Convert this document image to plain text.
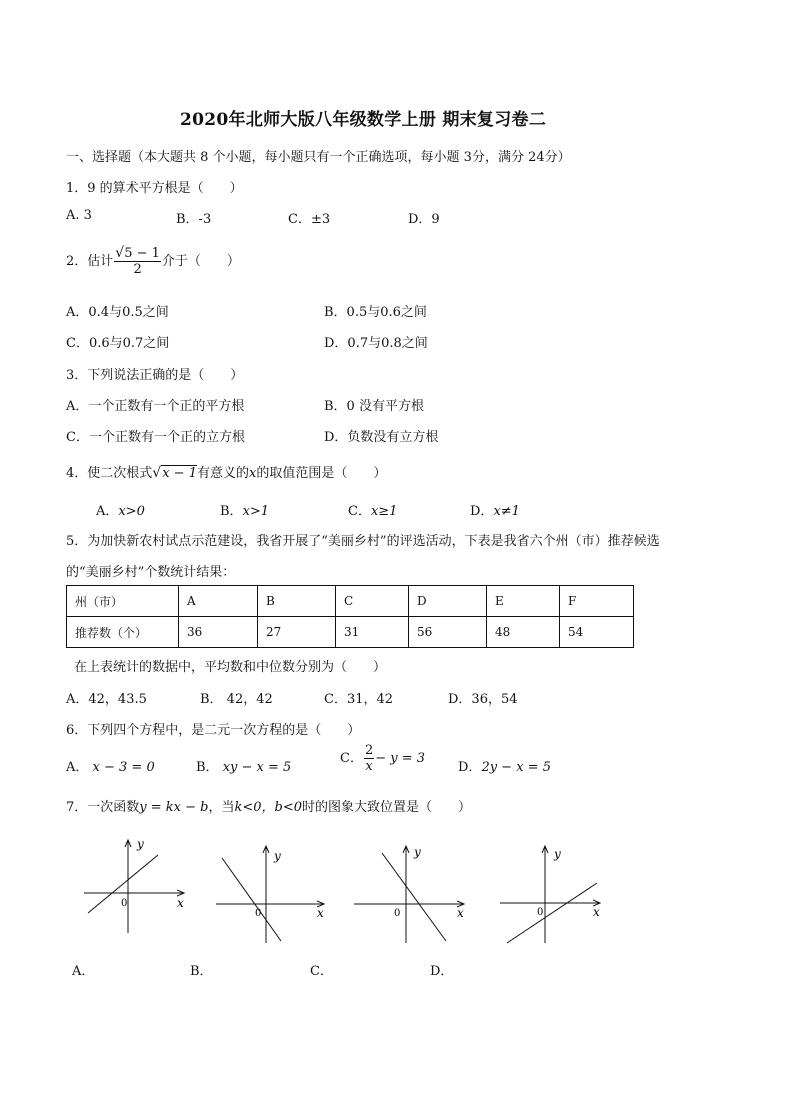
2020年北师大版八年级数学上册 期末复习卷二
一、选择题（本大题共 8 个小题，每小题只有一个正确选项，每小题 3分，满分 24分）
1．9 的算术平方根是（　　）
A. 3	B．-3	C．±3	D．9
2．估计 $\frac{√5 - 1}{2}$ 介于（　　）
A．0.4与0.5之间	B．0.5与0.6之间
C．0.6与0.7之间	D．0.7与0.8之间
3．下列说法正确的是（　　）
A．一个正数有一个正的平方根	B．0 没有平方根
C．一个正数有一个正的立方根	D．负数没有立方根
4．使二次根式√x − 1有意义的x的取值范围是（　　）
A．x>0	B．x>1	C．x≥1	D．x≠1
5．为加快新农村试点示范建设，我省开展了“美丽乡村”的评选活动，下表是我省六个州（市）推荐候选
的“美丽乡村”个数统计结果：
州（市）	A	B	C	D	E	F
推荐数（个）	36	27	31	56	48	54
在上表统计的数据中，平均数和中位数分别为（　　）
A．42，43.5	B． 42，42	C．31，42	D．36，54
6．下列四个方程中，是二元一次方程的是（　　）
A． x − 3 = 0	B． xy − x = 5
C． $\frac{2}{x} - y = 3$
D．2y − x = 5
7．一次函数y = kx − b，当k<0，b<0时的图象大致位置是（　　）
y
x
0
y
x
0
y
x
0
y
x
0
A．	B．	C．	D．
